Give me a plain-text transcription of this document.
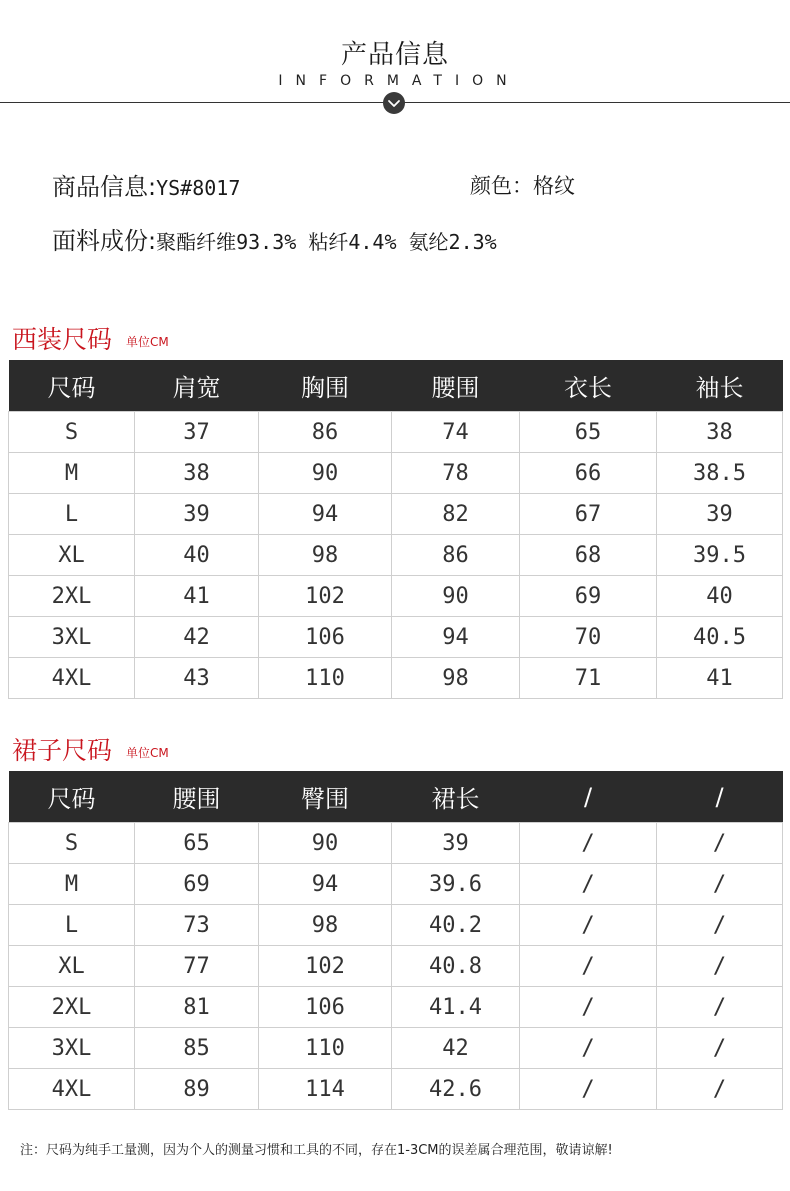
产品信息
INFORMATION
商品信息:YS#8017	颜色：格纹
面料成份:聚酯纤维93.3% 粘纤4.4% 氨纶2.3%
西装尺码 单位CM
尺码	肩宽	胸围	腰围	衣长	袖长
S	37	86	74	65	38
M	38	90	78	66	38.5
L	39	94	82	67	39
XL	40	98	86	68	39.5
2XL	41	102	90	69	40
3XL	42	106	94	70	40.5
4XL	43	110	98	71	41
裙子尺码 单位CM
尺码	腰围	臀围	裙长	/	/
S	65	90	39	/	/
M	69	94	39.6	/	/
L	73	98	40.2	/	/
XL	77	102	40.8	/	/
2XL	81	106	41.4	/	/
3XL	85	110	42	/	/
4XL	89	114	42.6	/	/
注：尺码为纯手工量测，因为个人的测量习惯和工具的不同，存在1-3CM的误差属合理范围，敬请谅解!
